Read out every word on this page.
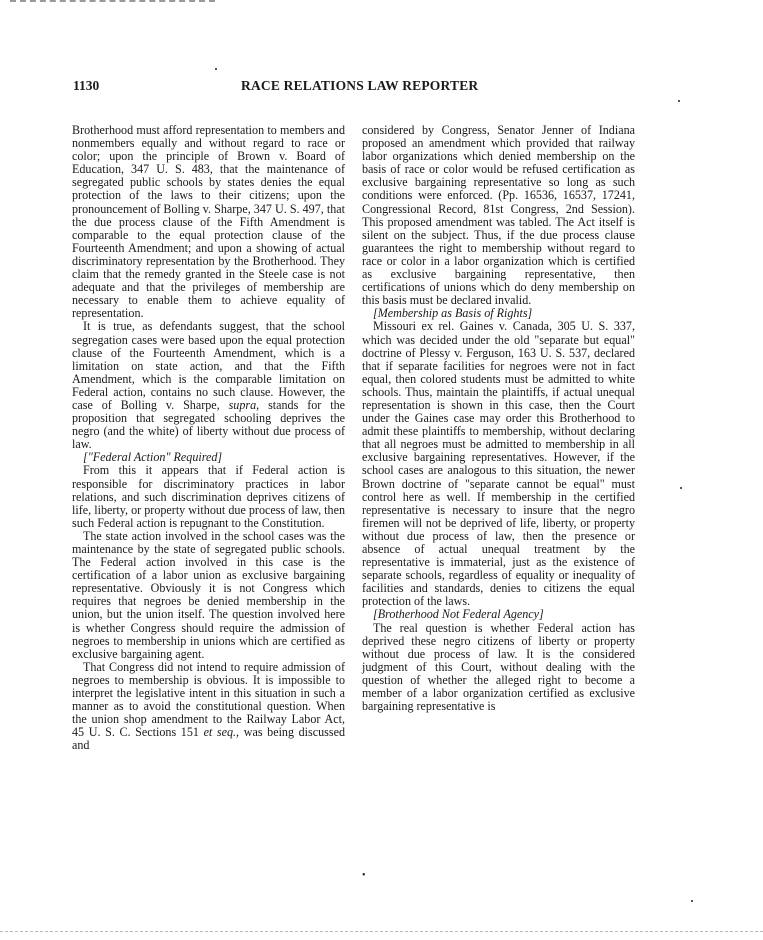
1130	RACE RELATIONS LAW REPORTER

Brotherhood must afford representation to members and nonmembers equally and without regard to race or color; upon the principle of Brown v. Board of Education, 347 U. S. 483, that the maintenance of segregated public schools by states denies the equal protection of the laws to their citizens; upon the pronouncement of Bolling v. Sharpe, 347 U. S. 497, that the due process clause of the Fifth Amendment is comparable to the equal protection clause of the Fourteenth Amendment; and upon a showing of actual discriminatory representation by the Brotherhood. They claim that the remedy granted in the Steele case is not adequate and that the privileges of membership are necessary to enable them to achieve equality of representation.

It is true, as defendants suggest, that the school segregation cases were based upon the equal protection clause of the Fourteenth Amendment, which is a limitation on state action, and that the Fifth Amendment, which is the comparable limitation on Federal action, contains no such clause. However, the case of Bolling v. Sharpe, supra, stands for the proposition that segregated schooling deprives the negro (and the white) of liberty without due process of law.

["Federal Action" Required]

From this it appears that if Federal action is responsible for discriminatory practices in labor relations, and such discrimination deprives citizens of life, liberty, or property without due process of law, then such Federal action is repugnant to the Constitution.

The state action involved in the school cases was the maintenance by the state of segregated public schools. The Federal action involved in this case is the certification of a labor union as exclusive bargaining representative. Obviously it is not Congress which requires that negroes be denied membership in the union, but the union itself. The question involved here is whether Congress should require the admission of negroes to membership in unions which are certified as exclusive bargaining agent.

That Congress did not intend to require admission of negroes to membership is obvious. It is impossible to interpret the legislative intent in this situation in such a manner as to avoid the constitutional question. When the union shop amendment to the Railway Labor Act, 45 U. S. C. Sections 151 et seq., was being discussed and

considered by Congress, Senator Jenner of Indiana proposed an amendment which provided that railway labor organizations which denied membership on the basis of race or color would be refused certification as exclusive bargaining representative so long as such conditions were enforced. (Pp. 16536, 16537, 17241, Congressional Record, 81st Congress, 2nd Session). This proposed amendment was tabled. The Act itself is silent on the subject. Thus, if the due process clause guarantees the right to membership without regard to race or color in a labor organization which is certified as exclusive bargaining representative, then certifications of unions which do deny membership on this basis must be declared invalid.

[Membership as Basis of Rights]

Missouri ex rel. Gaines v. Canada, 305 U. S. 337, which was decided under the old "separate but equal" doctrine of Plessy v. Ferguson, 163 U. S. 537, declared that if separate facilities for negroes were not in fact equal, then colored students must be admitted to white schools. Thus, maintain the plaintiffs, if actual unequal representation is shown in this case, then the Court under the Gaines case may order this Brotherhood to admit these plaintiffs to membership, without declaring that all negroes must be admitted to membership in all exclusive bargaining representatives. However, if the school cases are analogous to this situation, the newer Brown doctrine of "separate cannot be equal" must control here as well. If membership in the certified representative is necessary to insure that the negro firemen will not be deprived of life, liberty, or property without due process of law, then the presence or absence of actual unequal treatment by the representative is immaterial, just as the existence of separate schools, regardless of equality or inequality of facilities and standards, denies to citizens the equal protection of the laws.

[Brotherhood Not Federal Agency]

The real question is whether Federal action has deprived these negro citizens of liberty or property without due process of law. It is the considered judgment of this Court, without dealing with the question of whether the alleged right to become a member of a labor organization certified as exclusive bargaining representative is

•
